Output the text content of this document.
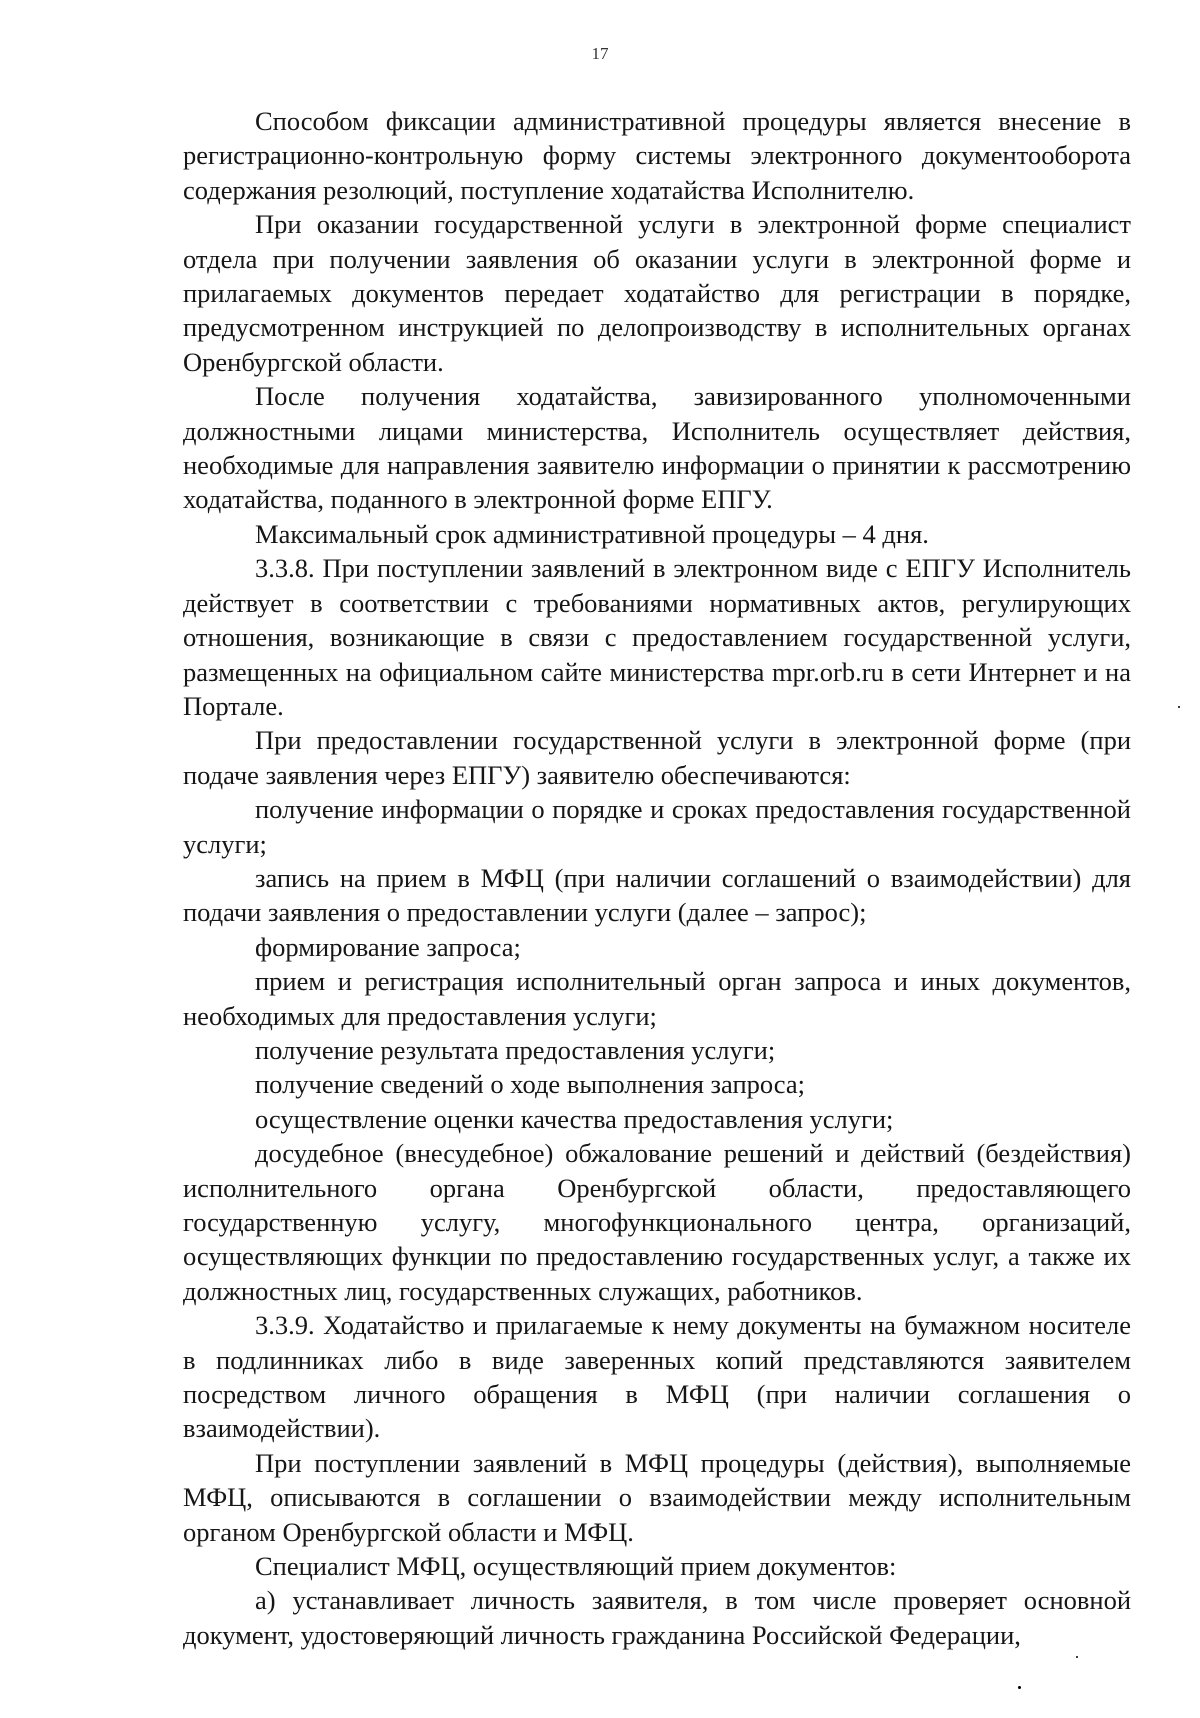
17

Способом фиксации административной процедуры является внесение в регистрационно-контрольную форму системы электронного документооборота содержания резолюций, поступление ходатайства Исполнителю.

При оказании государственной услуги в электронной форме специалист отдела при получении заявления об оказании услуги в электронной форме и прилагаемых документов передает ходатайство для регистрации в порядке, предусмотренном инструкцией по делопроизводству в исполнительных органах Оренбургской области.

После получения ходатайства, завизированного уполномоченными должностными лицами министерства, Исполнитель осуществляет действия, необходимые для направления заявителю информации о принятии к рассмотрению ходатайства, поданного в электронной форме ЕПГУ.

Максимальный срок административной процедуры – 4 дня.

3.3.8. При поступлении заявлений в электронном виде с ЕПГУ Исполнитель действует в соответствии с требованиями нормативных актов, регулирующих отношения, возникающие в связи с предоставлением государственной услуги, размещенных на официальном сайте министерства mpr.orb.ru в сети Интернет и на Портале.

При предоставлении государственной услуги в электронной форме (при подаче заявления через ЕПГУ) заявителю обеспечиваются:

получение информации о порядке и сроках предоставления государственной услуги;

запись на прием в МФЦ (при наличии соглашений о взаимодействии) для подачи заявления о предоставлении услуги (далее – запрос);

формирование запроса;

прием и регистрация исполнительный орган запроса и иных документов, необходимых для предоставления услуги;

получение результата предоставления услуги;

получение сведений о ходе выполнения запроса;

осуществление оценки качества предоставления услуги;

досудебное (внесудебное) обжалование решений и действий (бездействия) исполнительного органа Оренбургской области, предоставляющего государственную услугу, многофункционального центра, организаций, осуществляющих функции по предоставлению государственных услуг, а также их должностных лиц, государственных служащих, работников.

3.3.9. Ходатайство и прилагаемые к нему документы на бумажном носителе в подлинниках либо в виде заверенных копий представляются заявителем посредством личного обращения в МФЦ (при наличии соглашения о взаимодействии).

При поступлении заявлений в МФЦ процедуры (действия), выполняемые МФЦ, описываются в соглашении о взаимодействии между исполнительным органом Оренбургской области и МФЦ.

Специалист МФЦ, осуществляющий прием документов:

а) устанавливает личность заявителя, в том числе проверяет основной документ, удостоверяющий личность гражданина Российской Федерации,
